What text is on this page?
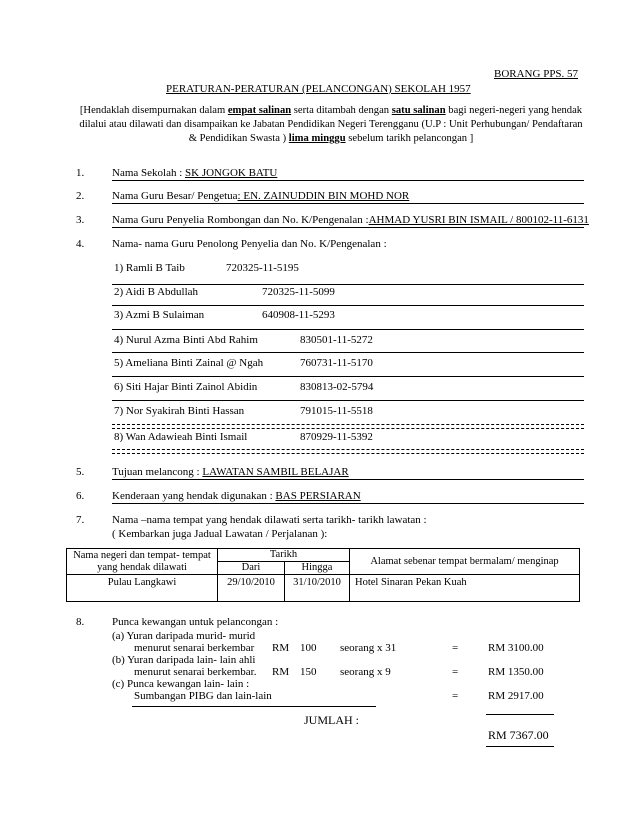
BORANG PPS. 57
PERATURAN-PERATURAN (PELANCONGAN) SEKOLAH 1957
[Hendaklah disempurnakan dalam empat salinan serta ditambah dengan satu salinan bagi negeri-negeri yang hendak dilalui atau dilawati dan disampaikan ke Jabatan Pendidikan Negeri Terengganu (U.P : Unit Perhubungan/ Pendaftaran & Pendidikan Swasta ) lima minggu sebelum tarikh pelancongan ]
1.	Nama Sekolah : SK JONGOK BATU
2.	Nama Guru Besar/ Pengetua: EN. ZAINUDDIN BIN MOHD NOR
3.	Nama Guru Penyelia Rombongan dan No. K/Pengenalan :AHMAD YUSRI BIN ISMAIL / 800102-11-6131
4.	Nama- nama Guru Penolong Penyelia dan No. K/Pengenalan :
1) Ramli B Taib	720325-11-5195
2) Aidi B Abdullah	720325-11-5099
3) Azmi B Sulaiman	640908-11-5293
4) Nurul Azma Binti Abd Rahim	830501-11-5272
5) Ameliana Binti Zainal @ Ngah	760731-11-5170
6) Siti Hajar Binti Zainol Abidin	830813-02-5794
7) Nor Syakirah Binti Hassan	791015-11-5518
8) Wan Adawieah Binti Ismail	870929-11-5392
5.	Tujuan melancong : LAWATAN SAMBIL BELAJAR
6.	Kenderaan yang hendak digunakan : BAS PERSIARAN
7.	Nama –nama tempat yang hendak dilawati serta tarikh- tarikh lawatan :
( Kembarkan juga Jadual Lawatan / Perjalanan ):
Nama negeri dan tempat- tempat yang hendak dilawati	Tarikh		Alamat sebenar tempat bermalam/ menginap
	Dari	Hingga	
Pulau Langkawi	29/10/2010	31/10/2010	Hotel Sinaran Pekan Kuah
8.	Punca kewangan untuk pelancongan :
(a) Yuran daripada murid- murid
menurut senarai berkembar RM 100 seorang x 31	=	RM 3100.00
(b) Yuran daripada lain- lain ahli
menurut senarai berkembar. RM 150 seorang x 9	=	RM 1350.00
(c) Punca kewangan lain- lain :
Sumbangan PIBG dan lain-lain	=	RM 2917.00
JUMLAH :
RM 7367.00
